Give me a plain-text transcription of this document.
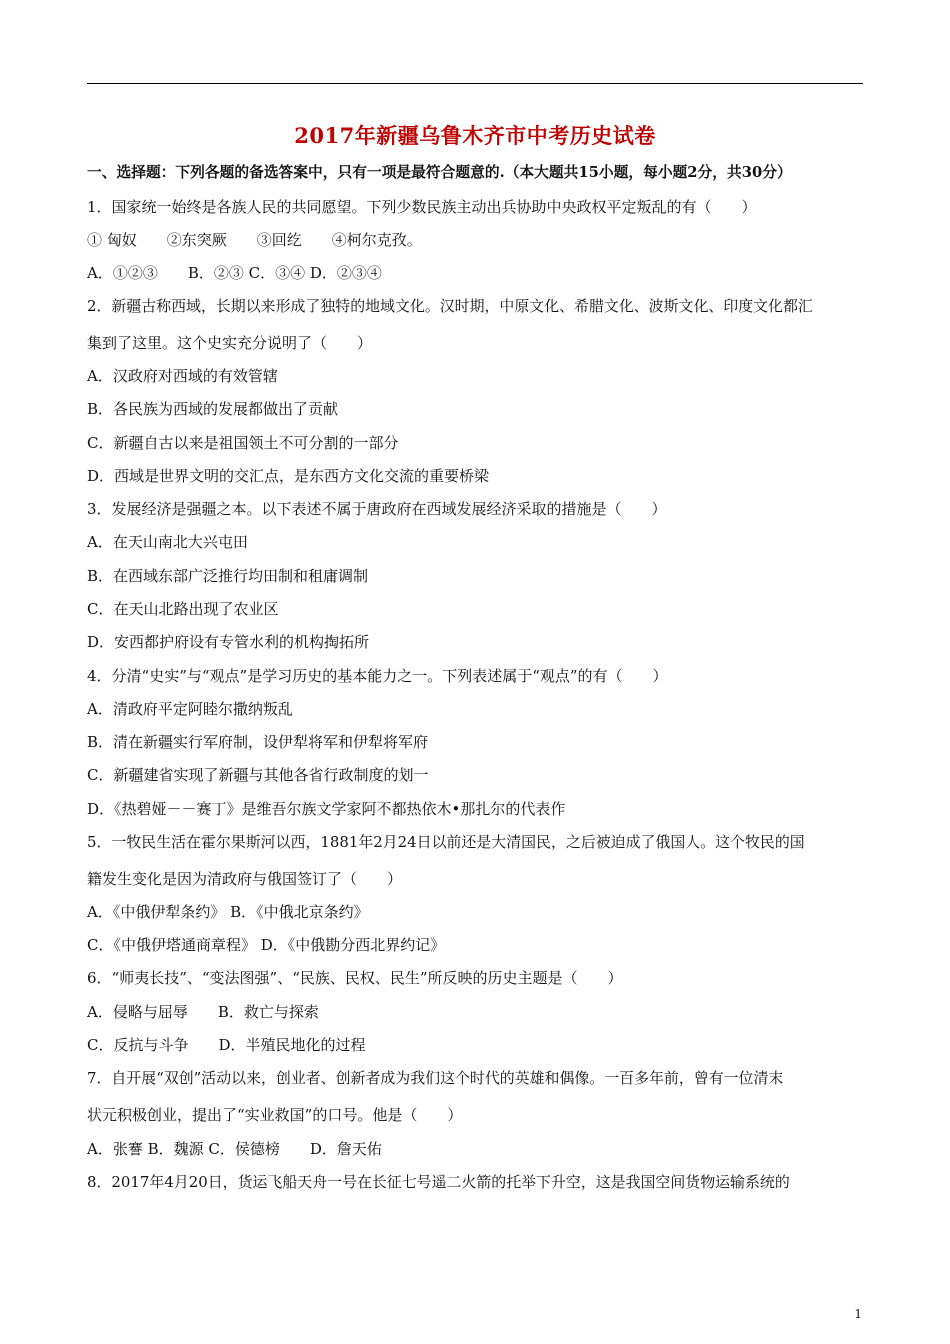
2017年新疆乌鲁木齐市中考历史试卷
一、选择题：下列各题的备选答案中，只有一项是最符合题意的.（本大题共15小题，每小题2分，共30分）
1．国家统一始终是各族人民的共同愿望。下列少数民族主动出兵协助中央政权平定叛乱的有（　　）
① 匈奴　　②东突厥　　③回纥　　④柯尔克孜。
A．①②③　　B．②③ C．③④ D．②③④
2．新疆古称西域，长期以来形成了独特的地域文化。汉时期，中原文化、希腊文化、波斯文化、印度文化都汇
集到了这里。这个史实充分说明了（　　）
A．汉政府对西域的有效管辖
B．各民族为西域的发展都做出了贡献
C．新疆自古以来是祖国领土不可分割的一部分
D．西域是世界文明的交汇点，是东西方文化交流的重要桥梁
3．发展经济是强疆之本。以下表述不属于唐政府在西域发展经济采取的措施是（　　）
A．在天山南北大兴屯田
B．在西域东部广泛推行均田制和租庸调制
C．在天山北路出现了农业区
D．安西都护府设有专管水利的机构掏拓所
4．分清“史实”与“观点”是学习历史的基本能力之一。下列表述属于“观点”的有（　　）
A．清政府平定阿睦尔撒纳叛乱
B．清在新疆实行军府制，设伊犁将军和伊犁将军府
C．新疆建省实现了新疆与其他各省行政制度的划一
D．《热碧娅－－赛丁》是维吾尔族文学家阿不都热依木•那扎尔的代表作
5．一牧民生活在霍尔果斯河以西，1881年2月24日以前还是大清国民，之后被迫成了俄国人。这个牧民的国
籍发生变化是因为清政府与俄国签订了（　　）
A．《中俄伊犁条约》 B．《中俄北京条约》
C．《中俄伊塔通商章程》 D．《中俄勘分西北界约记》
6．“师夷长技”、“变法图强”、“民族、民权、民生”所反映的历史主题是（　　）
A．侵略与屈辱　　B．救亡与探索
C．反抗与斗争　　D．半殖民地化的过程
7．自开展“双创”活动以来，创业者、创新者成为我们这个时代的英雄和偶像。一百多年前，曾有一位清末
状元积极创业，提出了“实业救国”的口号。他是（　　）
A．张謇 B．魏源 C．侯德榜　　D．詹天佑
8．2017年4月20日，货运飞船天舟一号在长征七号遥二火箭的托举下升空，这是我国空间货物运输系统的
1
